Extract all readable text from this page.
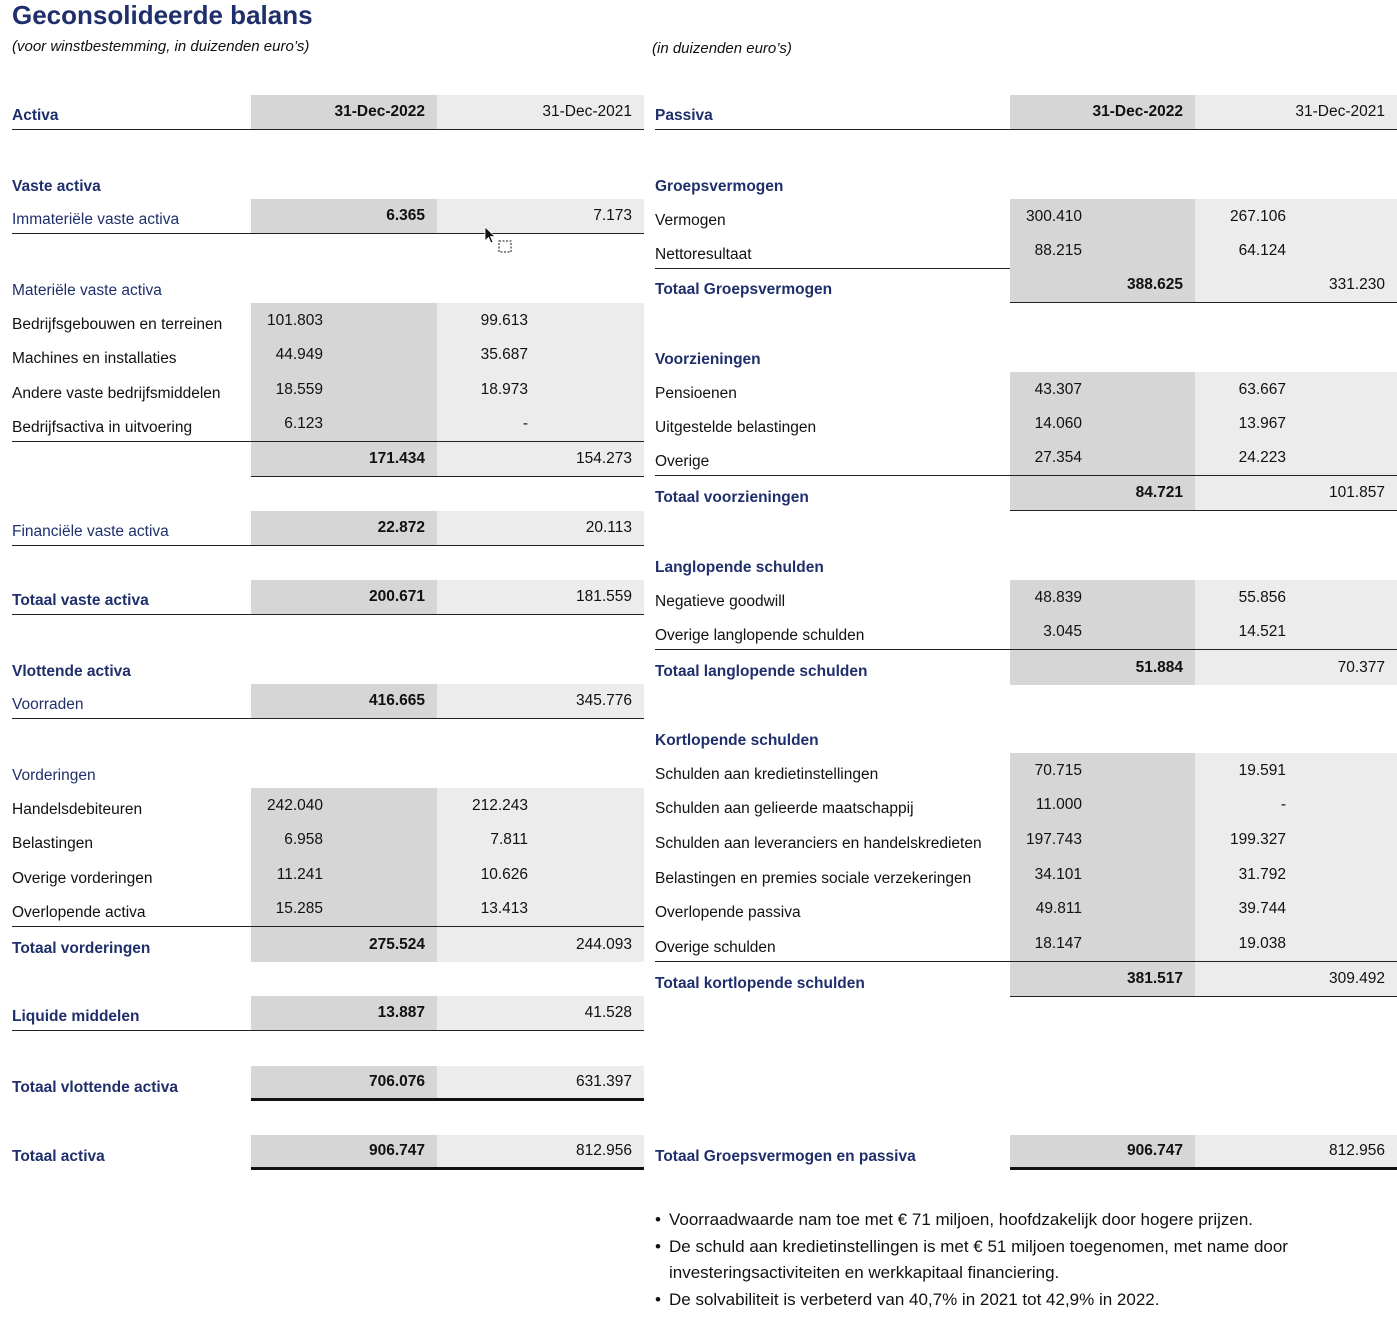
Geconsolideerde balans
(voor winstbestemming, in duizenden euro’s)	(in duizenden euro’s)
Activa	31-Dec-2022	31-Dec-2021
Vaste activa
Immateriële vaste activa	6.365	7.173
Materiële vaste activa
Bedrijfsgebouwen en terreinen	101.803	99.613
Machines en installaties	44.949	35.687
Andere vaste bedrijfsmiddelen	18.559	18.973
Bedrijfsactiva in uitvoering	6.123	-
171.434	154.273
Financiële vaste activa	22.872	20.113
Totaal vaste activa	200.671	181.559
Vlottende activa
Voorraden	416.665	345.776
Vorderingen
Handelsdebiteuren	242.040	212.243
Belastingen	6.958	7.811
Overige vorderingen	11.241	10.626
Overlopende activa	15.285	13.413
Totaal vorderingen	275.524	244.093
Liquide middelen	13.887	41.528
Totaal vlottende activa	706.076	631.397
Totaal activa	906.747	812.956
Passiva	31-Dec-2022	31-Dec-2021
Groepsvermogen
Vermogen	300.410	267.106
Nettoresultaat	88.215	64.124
Totaal Groepsvermogen	388.625	331.230
Voorzieningen
Pensioenen	43.307	63.667
Uitgestelde belastingen	14.060	13.967
Overige	27.354	24.223
Totaal voorzieningen	84.721	101.857
Langlopende schulden
Negatieve goodwill	48.839	55.856
Overige langlopende schulden	3.045	14.521
Totaal langlopende schulden	51.884	70.377
Kortlopende schulden
Schulden aan kredietinstellingen	70.715	19.591
Schulden aan gelieerde maatschappij	11.000	-
Schulden aan leveranciers en handelskredieten	197.743	199.327
Belastingen en premies sociale verzekeringen	34.101	31.792
Overlopende passiva	49.811	39.744
Overige schulden	18.147	19.038
Totaal kortlopende schulden	381.517	309.492
Totaal Groepsvermogen en passiva	906.747	812.956
• Voorraadwaarde nam toe met € 71 miljoen, hoofdzakelijk door hogere prijzen.
• De schuld aan kredietinstellingen is met € 51 miljoen toegenomen, met name door investeringsactiviteiten en werkkapitaal financiering.
• De solvabiliteit is verbeterd van 40,7% in 2021 tot 42,9% in 2022.
